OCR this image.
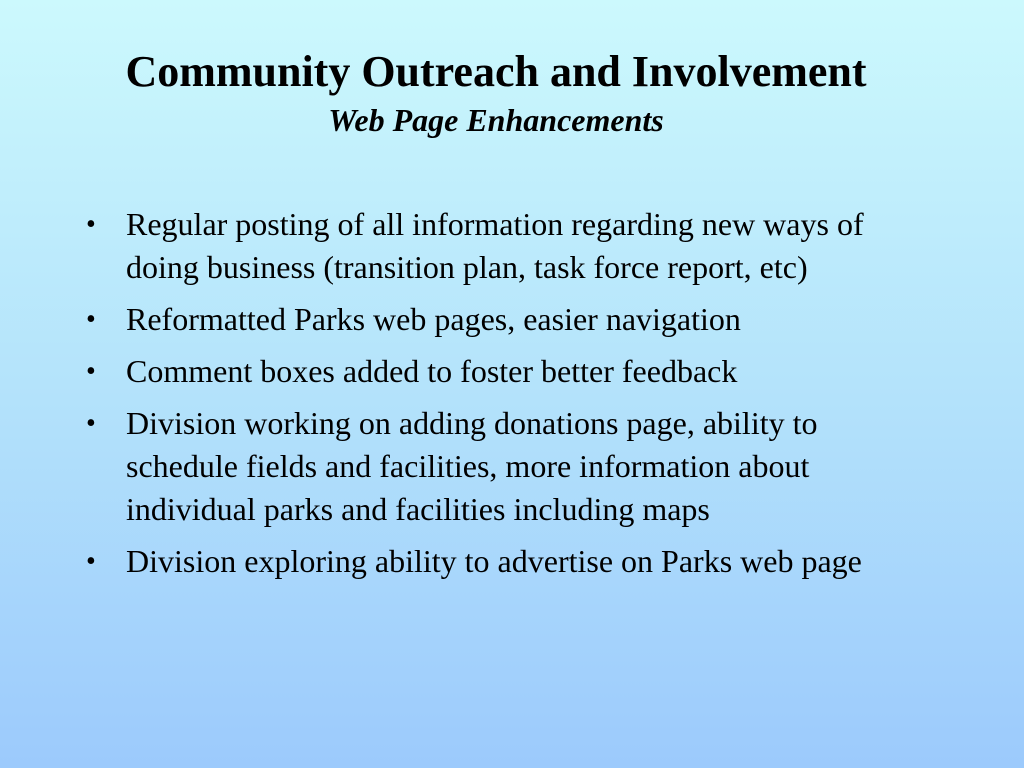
Community Outreach and Involvement
Web Page Enhancements
• Regular posting of all information regarding new ways of doing business (transition plan, task force report, etc)
• Reformatted Parks web pages, easier navigation
• Comment boxes added to foster better feedback
• Division working on adding donations page, ability to schedule fields and facilities, more information about individual parks and facilities including maps
• Division exploring ability to advertise on Parks web page
